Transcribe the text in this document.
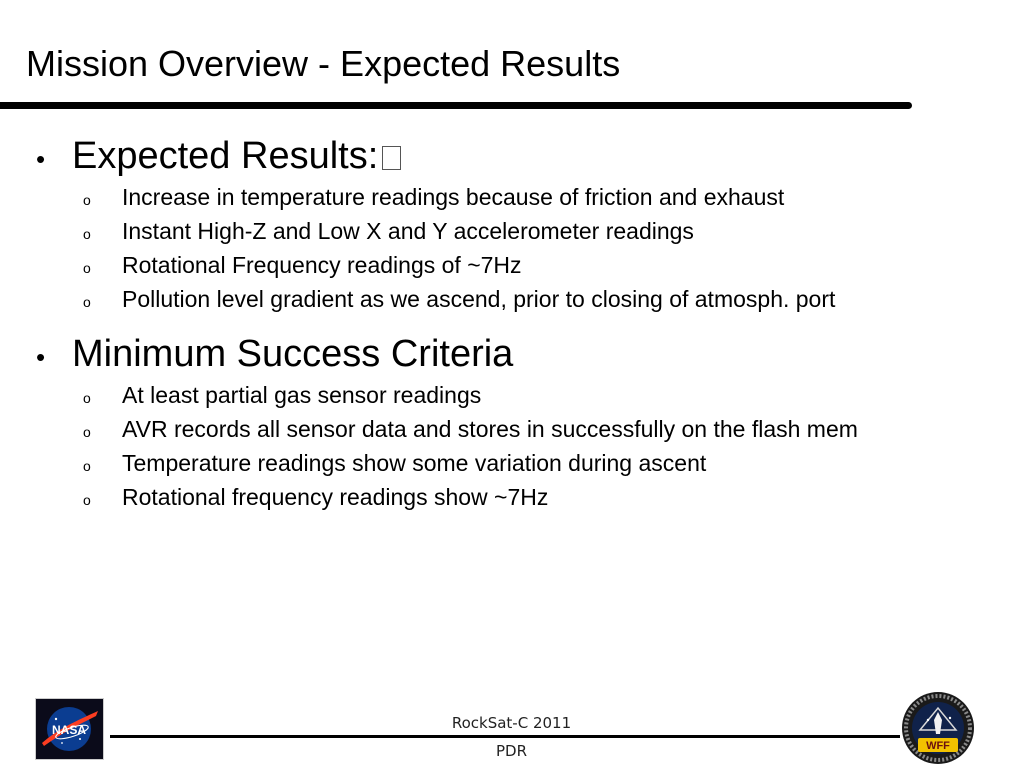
Mission Overview - Expected Results
• Expected Results:
o	Increase in temperature readings because of friction and exhaust
o	Instant High-Z and Low X and Y accelerometer readings
o	Rotational Frequency readings of ~7Hz
o	Pollution level gradient as we ascend, prior to closing of atmosph. port
• Minimum Success Criteria
o	At least partial gas sensor readings
o	AVR records all sensor data and stores in successfully on the flash mem
o	Temperature readings show some variation during ascent
o	Rotational frequency readings show ~7Hz
NASA	RockSat-C 2011
PDR	WFF
